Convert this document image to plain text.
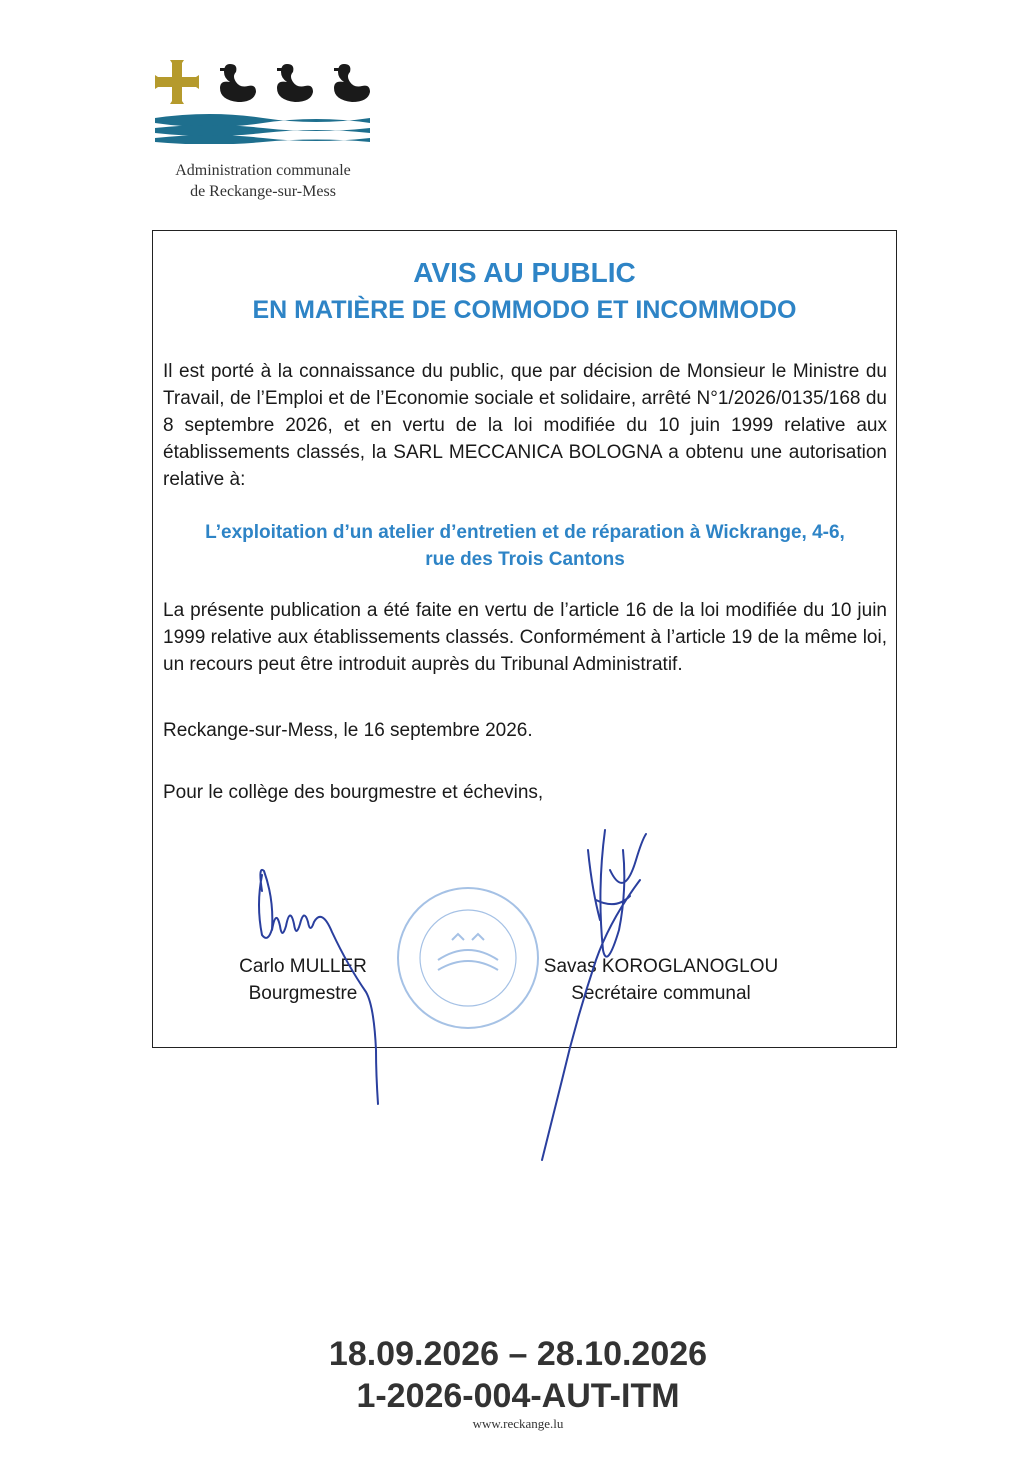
Administration communale
de Reckange-sur-Mess
AVIS AU PUBLIC
EN MATIÈRE DE COMMODO ET INCOMMODO
Il est porté à la connaissance du public, que par décision de Monsieur le Ministre du Travail, de l’Emploi et de l’Economie sociale et solidaire, arrêté N°1/2026/0135/168 du 8 septembre 2026, et en vertu de la loi modifiée du 10 juin 1999 relative aux établissements classés, la SARL MECCANICA BOLOGNA a obtenu une autorisation relative à:
L’exploitation d’un atelier d’entretien et de réparation à Wickrange, 4-6,
rue des Trois Cantons
La présente publication a été faite en vertu de l’article 16 de la loi modifiée du 10 juin 1999 relative aux établissements classés. Conformément à l’article 19 de la même loi, un recours peut être introduit auprès du Tribunal Administratif.
Reckange-sur-Mess, le 16 septembre 2026.
Pour le collège des bourgmestre et échevins,
Carlo MULLER
Bourgmestre
Savas KOROGLANOGLOU
Secrétaire communal
18.09.2026 – 28.10.2026
1-2026-004-AUT-ITM
www.reckange.lu
